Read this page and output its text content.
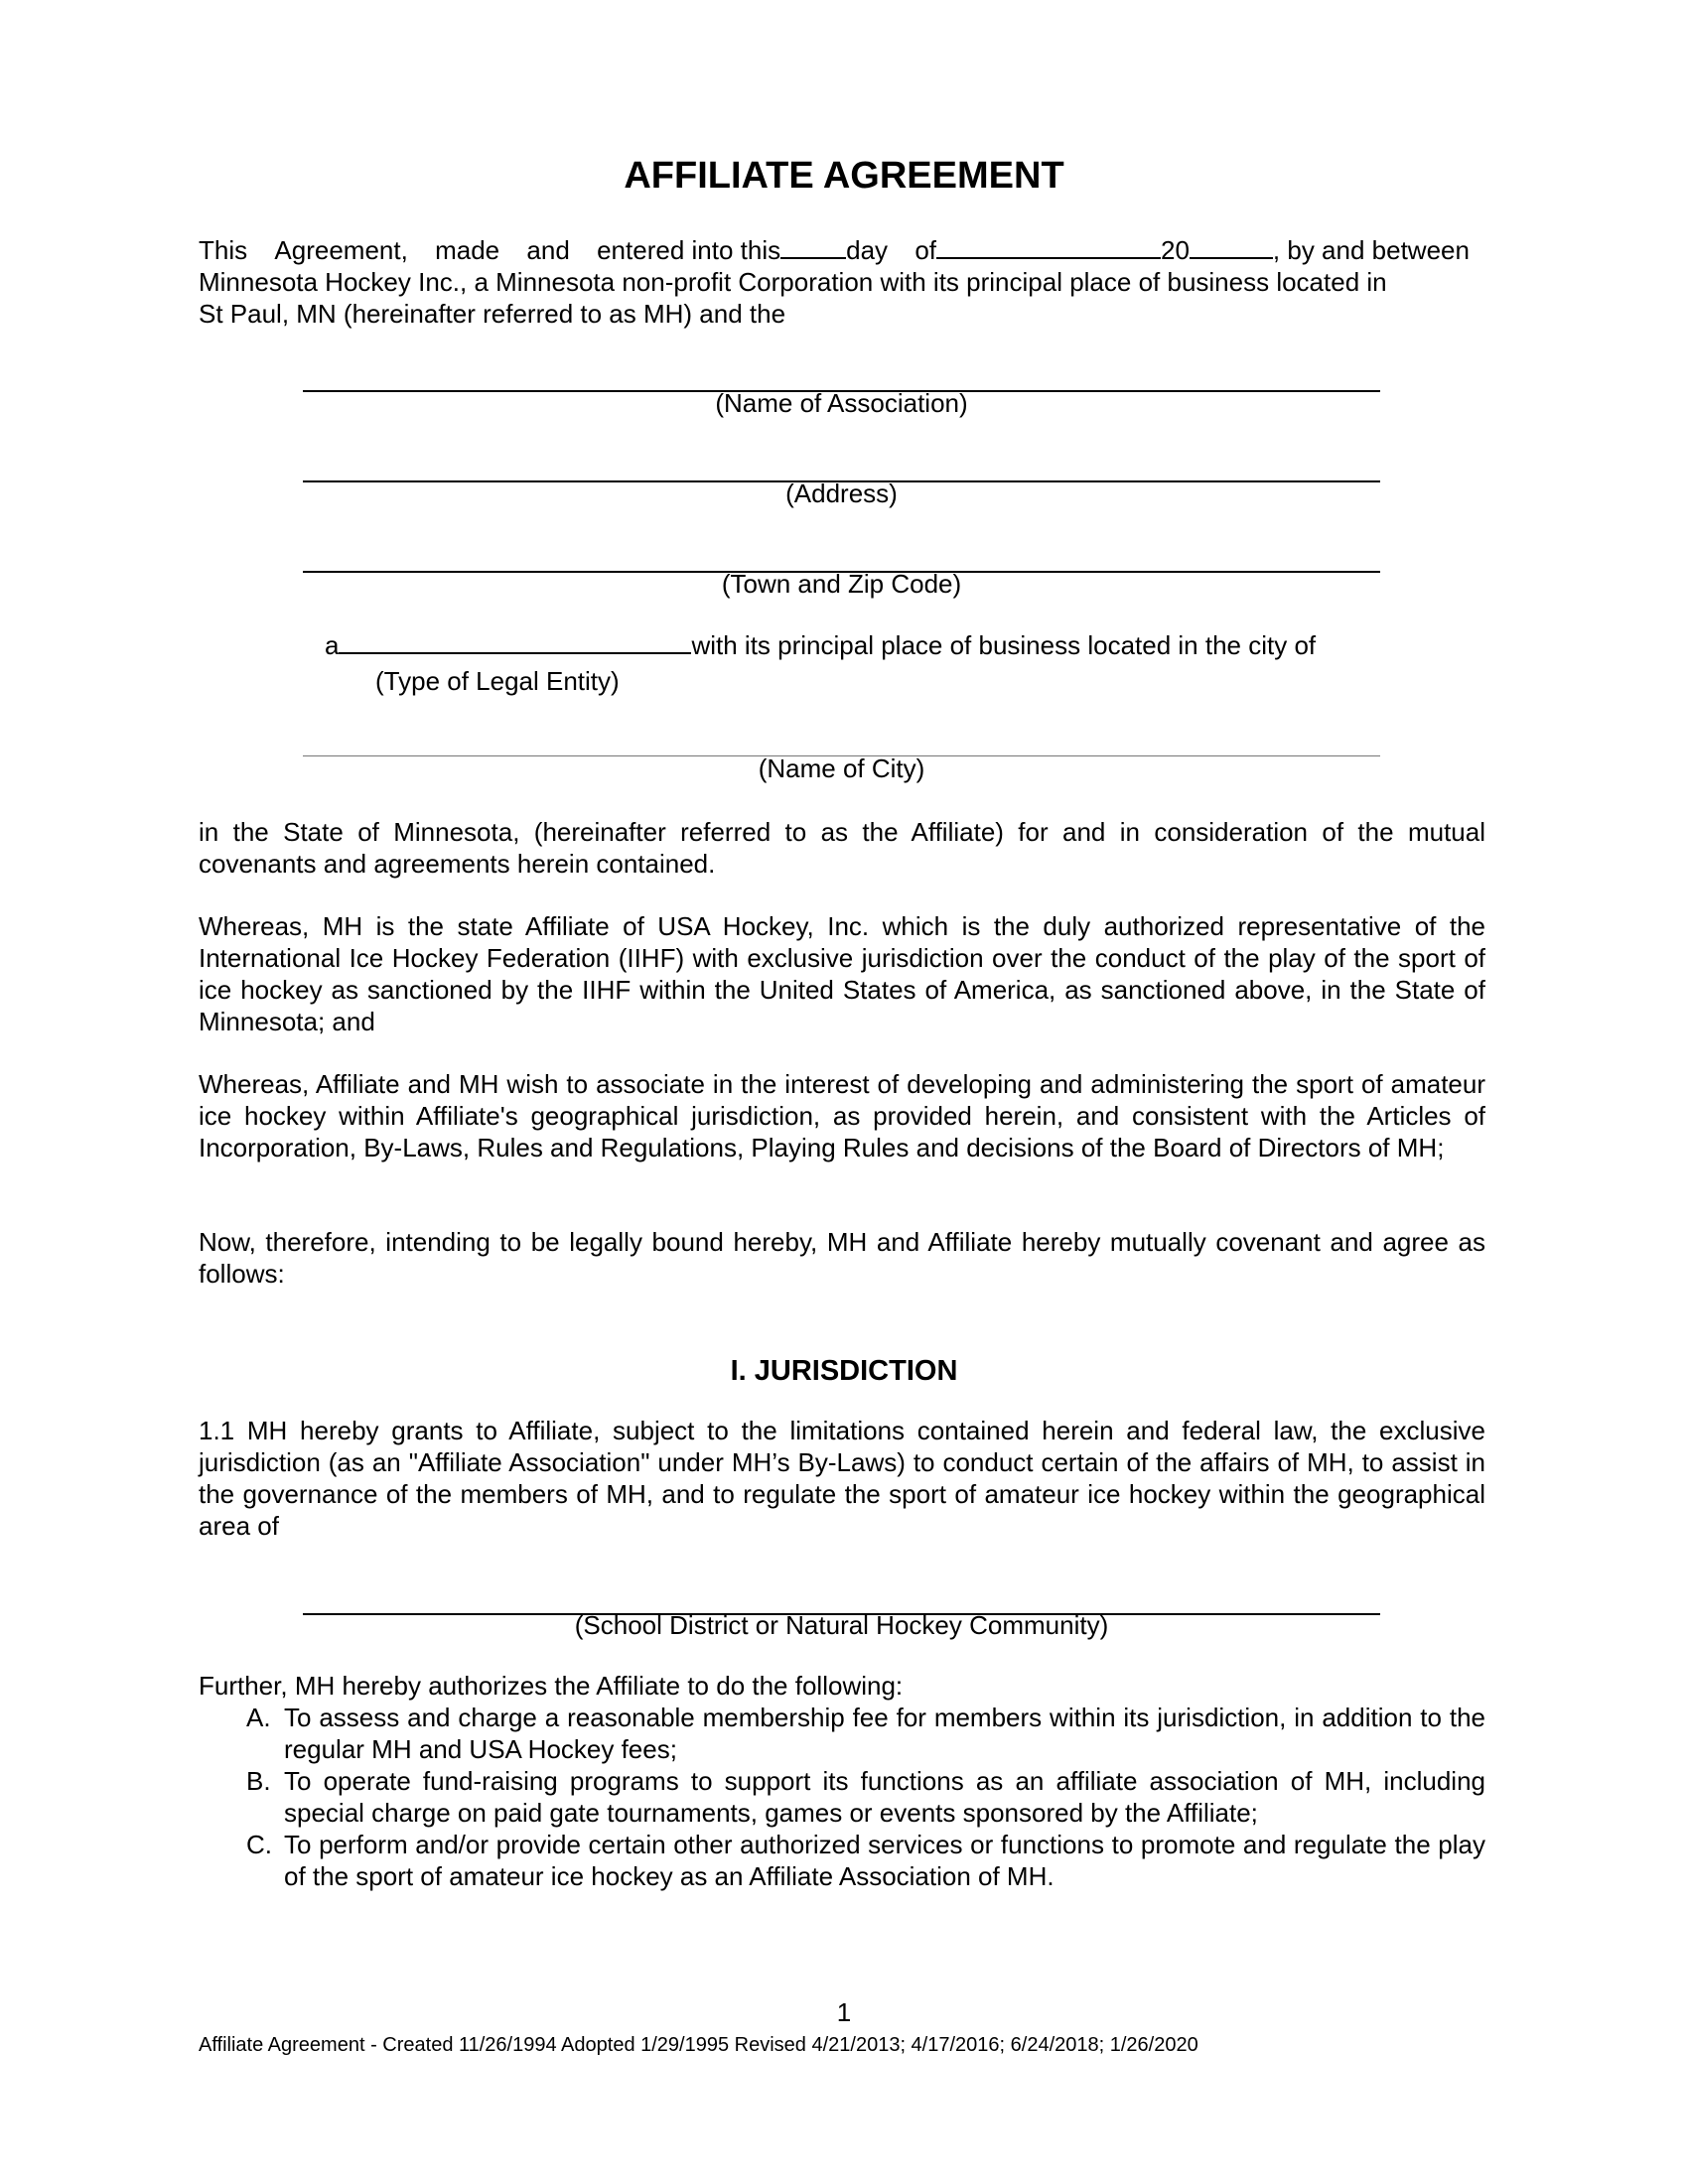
AFFILIATE AGREEMENT
This Agreement, made and entered into this	day of	20	, by and between
Minnesota Hockey Inc., a Minnesota non-profit Corporation with its principal place of business located in
St Paul, MN (hereinafter referred to as MH) and the
(Name of Association)
(Address)
(Town and Zip Code)
a	with its principal place of business located in the city of
(Type of Legal Entity)
(Name of City)

in the State of Minnesota, (hereinafter referred to as the Affiliate) for and in consideration of the mutual covenants and agreements herein contained.

Whereas, MH is the state Affiliate of USA Hockey, Inc. which is the duly authorized representative of the International Ice Hockey Federation (IIHF) with exclusive jurisdiction over the conduct of the play of the sport of ice hockey as sanctioned by the IIHF within the United States of America, as sanctioned above, in the State of Minnesota; and

Whereas, Affiliate and MH wish to associate in the interest of developing and administering the sport of amateur ice hockey within Affiliate's geographical jurisdiction, as provided herein, and consistent with the Articles of Incorporation, By-Laws, Rules and Regulations, Playing Rules and decisions of the Board of Directors of MH;

Now, therefore, intending to be legally bound hereby, MH and Affiliate hereby mutually covenant and agree as follows:

I. JURISDICTION

1.1 MH hereby grants to Affiliate, subject to the limitations contained herein and federal law, the exclusive jurisdiction (as an "Affiliate Association" under MH’s By-Laws) to conduct certain of the affairs of MH, to assist in the governance of the members of MH, and to regulate the sport of amateur ice hockey within the geographical area of

(School District or Natural Hockey Community)

Further, MH hereby authorizes the Affiliate to do the following:

A. To assess and charge a reasonable membership fee for members within its jurisdiction, in addition to the regular MH and USA Hockey fees;
B. To operate fund-raising programs to support its functions as an affiliate association of MH, including special charge on paid gate tournaments, games or events sponsored by the Affiliate;
C. To perform and/or provide certain other authorized services or functions to promote and regulate the play of the sport of amateur ice hockey as an Affiliate Association of MH.
1
Affiliate Agreement - Created 11/26/1994 Adopted 1/29/1995 Revised 4/21/2013; 4/17/2016; 6/24/2018; 1/26/2020
